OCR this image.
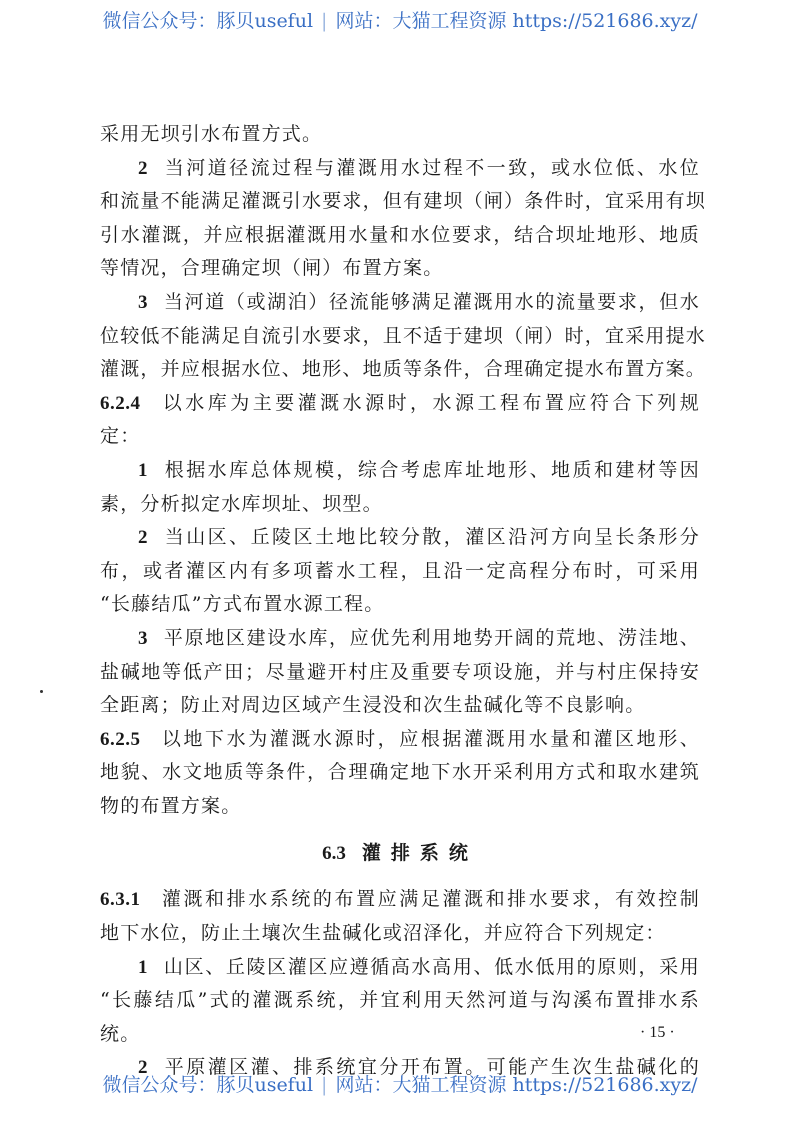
微信公众号：豚贝useful | 网站：大猫工程资源 https://521686.xyz/
采用无坝引水布置方式。
2 当河道径流过程与灌溉用水过程不一致，或水位低、水位
和流量不能满足灌溉引水要求，但有建坝（闸）条件时，宜采用有坝
引水灌溉，并应根据灌溉用水量和水位要求，结合坝址地形、地质
等情况，合理确定坝（闸）布置方案。
3 当河道（或湖泊）径流能够满足灌溉用水的流量要求，但水
位较低不能满足自流引水要求，且不适于建坝（闸）时，宜采用提水
灌溉，并应根据水位、地形、地质等条件，合理确定提水布置方案。
6.2.4 以水库为主要灌溉水源时，水源工程布置应符合下列规
定：
1 根据水库总体规模，综合考虑库址地形、地质和建材等因
素，分析拟定水库坝址、坝型。
2 当山区、丘陵区土地比较分散，灌区沿河方向呈长条形分
布，或者灌区内有多项蓄水工程，且沿一定高程分布时，可采用
“长藤结瓜”方式布置水源工程。
3 平原地区建设水库，应优先利用地势开阔的荒地、涝洼地、
盐碱地等低产田；尽量避开村庄及重要专项设施，并与村庄保持安
全距离；防止对周边区域产生浸没和次生盐碱化等不良影响。
6.2.5 以地下水为灌溉水源时，应根据灌溉用水量和灌区地形、
地貌、水文地质等条件，合理确定地下水开采利用方式和取水建筑
物的布置方案。
6.3 灌排系统
6.3.1 灌溉和排水系统的布置应满足灌溉和排水要求，有效控制
地下水位，防止土壤次生盐碱化或沼泽化，并应符合下列规定：
1 山区、丘陵区灌区应遵循高水高用、低水低用的原则，采用
“长藤结瓜”式的灌溉系统，并宜利用天然河道与沟溪布置排水系
统。
2 平原灌区灌、排系统宜分开布置。可能产生次生盐碱化的
· 15 ·
微信公众号：豚贝useful | 网站：大猫工程资源 https://521686.xyz/
